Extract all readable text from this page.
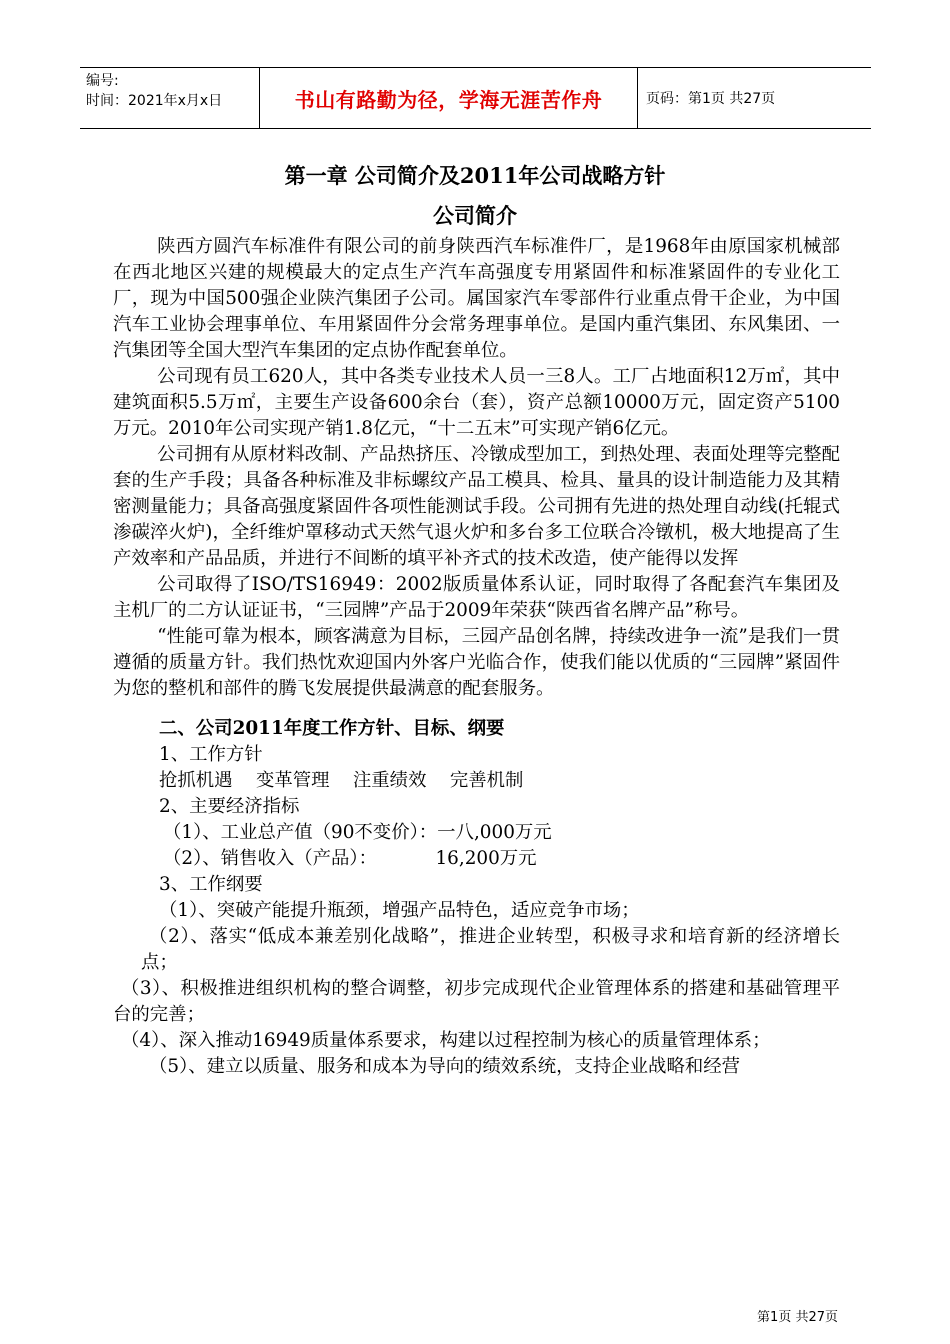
编号:
时间：2021年x月x日	书山有路勤为径，学海无涯苦作舟	页码：第1页 共27页
第一章 公司简介及2011年公司战略方针
公司简介

陕西方圆汽车标准件有限公司的前身陕西汽车标准件厂，是1968年由原国家机械部在西北地区兴建的规模最大的定点生产汽车高强度专用紧固件和标准紧固件的专业化工厂，现为中国500强企业陕汽集团子公司。属国家汽车零部件行业重点骨干企业，为中国汽车工业协会理事单位、车用紧固件分会常务理事单位。是国内重汽集团、东风集团、一汽集团等全国大型汽车集团的定点协作配套单位。

公司现有员工620人，其中各类专业技术人员一三8人。工厂占地面积12万㎡，其中建筑面积5.5万㎡，主要生产设备600余台（套），资产总额10000万元，固定资产5100万元。2010年公司实现产销1.8亿元，“十二五末”可实现产销6亿元。

公司拥有从原材料改制、产品热挤压、冷镦成型加工，到热处理、表面处理等完整配套的生产手段；具备各种标准及非标螺纹产品工模具、检具、量具的设计制造能力及其精密测量能力；具备高强度紧固件各项性能测试手段。公司拥有先进的热处理自动线(托辊式渗碳淬火炉)，全纤维炉罩移动式天然气退火炉和多台多工位联合冷镦机，极大地提高了生产效率和产品品质，并进行不间断的填平补齐式的技术改造，使产能得以发挥

公司取得了ISO/TS16949：2002版质量体系认证，同时取得了各配套汽车集团及主机厂的二方认证证书，“三园牌”产品于2009年荣获“陕西省名牌产品”称号。

“性能可靠为根本，顾客满意为目标，三园产品创名牌，持续改进争一流”是我们一贯遵循的质量方针。我们热忱欢迎国内外客户光临合作，使我们能以优质的“三园牌”紧固件为您的整机和部件的腾飞发展提供最满意的配套服务。

二、公司2011年度工作方针、目标、纲要

1、工作方针

抢抓机遇    变革管理    注重绩效    完善机制

2、主要经济指标

（1）、工业总产值（90不变价）：一八,000万元

（2）、销售收入（产品）：          16,200万元

3、工作纲要

（1）、突破产能提升瓶颈，增强产品特色，适应竞争市场；

（2）、落实“低成本兼差别化战略”，推进企业转型，积极寻求和培育新的经济增长点；

（3）、积极推进组织机构的整合调整，初步完成现代企业管理体系的搭建和基础管理平台的完善；

（4）、深入推动16949质量体系要求，构建以过程控制为核心的质量管理体系；

（5）、建立以质量、服务和成本为导向的绩效系统，支持企业战略和经营

第1页 共27页
